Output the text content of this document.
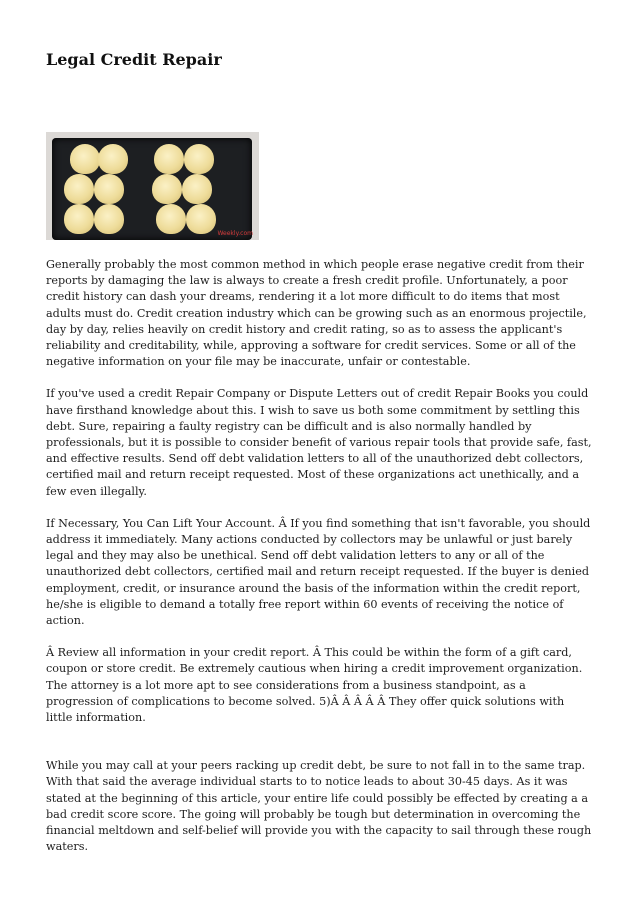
Legal Credit Repair
Weekly.com

Generally probably the most common method in which people erase negative credit from their reports by damaging the law is always to create a fresh credit profile. Unfortunately, a poor credit history can dash your dreams, rendering it a lot more difficult to do items that most adults must do. Credit creation industry which can be growing such as an enormous projectile, day by day, relies heavily on credit history and credit rating, so as to assess the applicant's reliability and creditability, while, approving a software for credit services. Some or all of the negative information on your file may be inaccurate, unfair or contestable.

If you've used a credit Repair Company or Dispute Letters out of credit Repair Books you could have firsthand knowledge about this. I wish to save us both some commitment by settling this debt. Sure, repairing a faulty registry can be difficult and is also normally handled by professionals, but it is possible to consider benefit of various repair tools that provide safe, fast, and effective results. Send off debt validation letters to all of the unauthorized debt collectors, certified mail and return receipt requested. Most of these organizations act unethically, and a few even illegally.

If Necessary, You Can Lift Your Account. Â If you find something that isn't favorable, you should address it immediately. Many actions conducted by collectors may be unlawful or just barely legal and they may also be unethical. Send off debt validation letters to any or all of the unauthorized debt collectors, certified mail and return receipt requested. If the buyer is denied employment, credit, or insurance around the basis of the information within the credit report, he/she is eligible to demand a totally free report within 60 events of receiving the notice of action.

Â Review all information in your credit report. Â This could be within the form of a gift card, coupon or store credit. Be extremely cautious when hiring a credit improvement organization. The attorney is a lot more apt to see considerations from a business standpoint, as a progression of complications to become solved. 5)Â Â Â Â Â They offer quick solutions with little information.

While you may call at your peers racking up credit debt, be sure to not fall in to the same trap. With that said the average individual starts to to notice leads to about 30-45 days. As it was stated at the beginning of this article, your entire life could possibly be effected by creating a a bad credit score score. The going will probably be tough but determination in overcoming the financial meltdown and self-belief will provide you with the capacity to sail through these rough waters.
